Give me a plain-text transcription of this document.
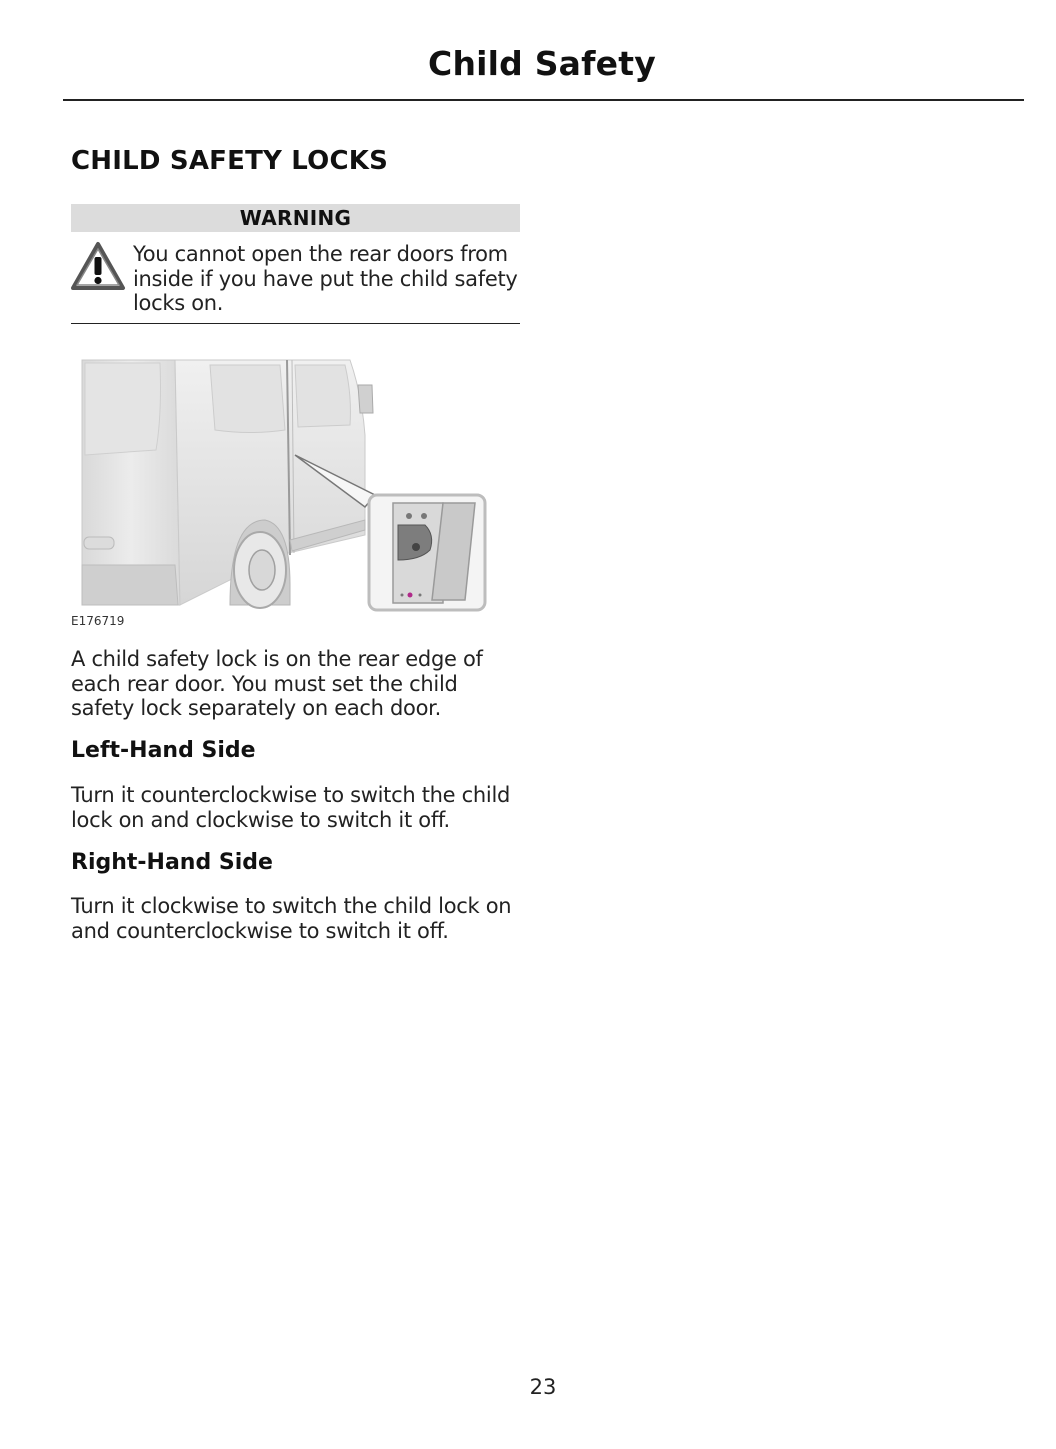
Child Safety
CHILD SAFETY LOCKS
WARNING
You cannot open the rear doors from inside if you have put the child safety locks on.
E176719
A child safety lock is on the rear edge of each rear door. You must set the child safety lock separately on each door.
Left-Hand Side
Turn it counterclockwise to switch the child lock on and clockwise to switch it off.
Right-Hand Side
Turn it clockwise to switch the child lock on and counterclockwise to switch it off.
23
